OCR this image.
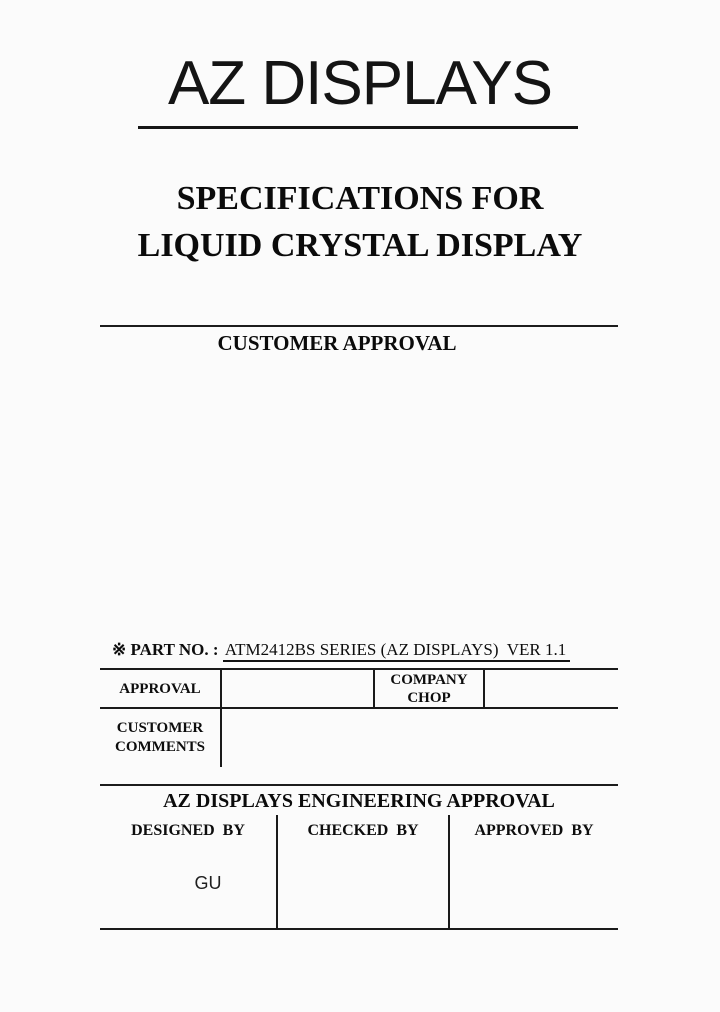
AZ DISPLAYS
SPECIFICATIONS FOR
LIQUID CRYSTAL DISPLAY
CUSTOMER APPROVAL
※ PART NO. : ATM2412BS SERIES (AZ DISPLAYS)  VER 1.1
APPROVAL
COMPANY CHOP
CUSTOMER COMMENTS
AZ DISPLAYS ENGINEERING APPROVAL
DESIGNED  BY
GU
CHECKED  BY	APPROVED  BY
